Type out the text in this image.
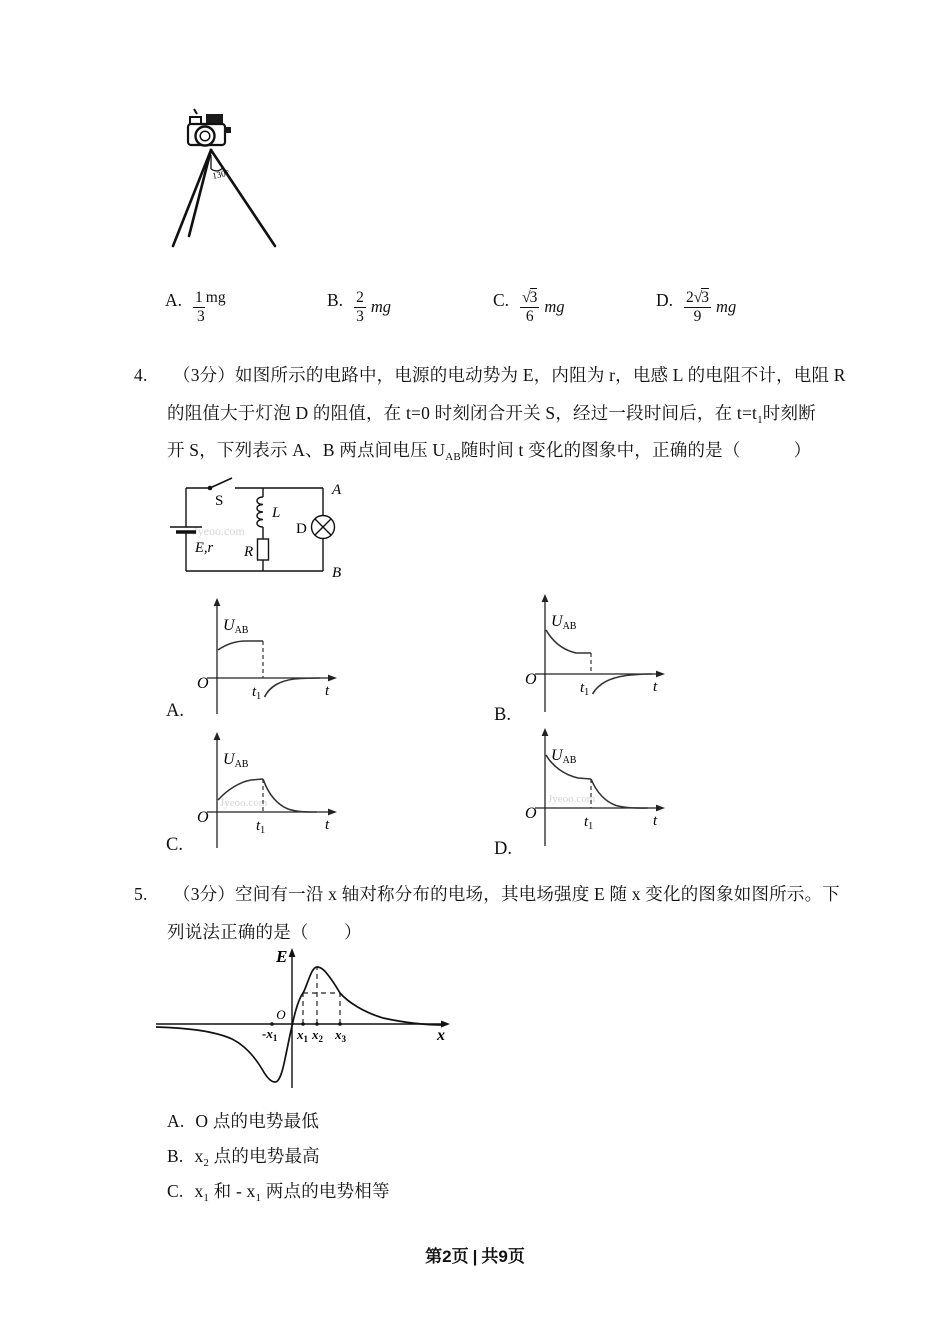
130°
A. 1 mg
3
B. $\frac{2}{3}$ mg	C. $\frac{√3}{6}$ mg	D. $\frac{2√3}{9}$ mg
4. （3分）如图所示的电路中，电源的电动势为 E，内阻为 r，电感 L 的电阻不计，电阻 R
的阻值大于灯泡 D 的阻值，在 t=0 时刻闭合开关 S，经过一段时间后，在 $t=t_1$时刻断
开 S，下列表示 A、B 两点间电压 $U_{AB}$随时间 t 变化的图象中，正确的是（　　　）
Jyeoo.com
S
E,r
L
R
D
A
B
UAB
O	$t_1$	t
A.
UAB
O	$t_1$	t
B.
Jyeoo.com
UAB
O	$t_1$	t
C.
Jyeoo.com
UAB
O	$t_1$	t
D.
5. （3分）空间有一沿 x 轴对称分布的电场，其电场强度 E 随 x 变化的图象如图所示。下
列说法正确的是（　　）
E
x
O
$-x_1$ $x_1$ $x_2$ $x_3$
A. O 点的电势最低
B. $x_2$ 点的电势最高
C. $x_1$ 和 - $x_1$ 两点的电势相等
第2页 | 共9页
